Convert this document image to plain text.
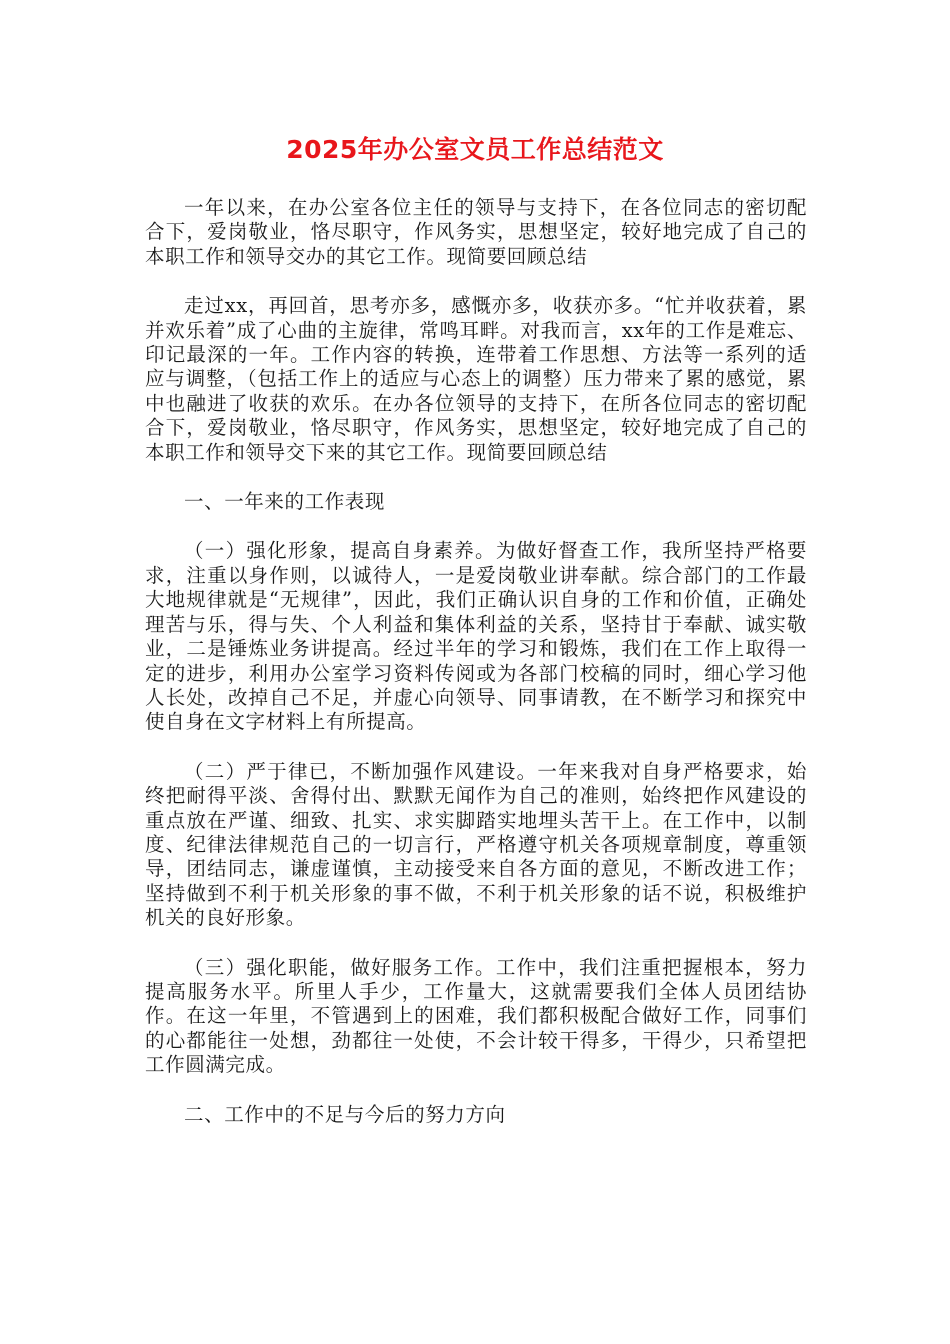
2025年办公室文员工作总结范文

一年以来，在办公室各位主任的领导与支持下，在各位同志的密切配合下，爱岗敬业，恪尽职守，作风务实，思想坚定，较好地完成了自己的本职工作和领导交办的其它工作。现简要回顾总结

走过xx，再回首，思考亦多，感慨亦多，收获亦多。“忙并收获着，累并欢乐着”成了心曲的主旋律，常鸣耳畔。对我而言，xx年的工作是难忘、印记最深的一年。工作内容的转换，连带着工作思想、方法等一系列的适应与调整，（包括工作上的适应与心态上的调整）压力带来了累的感觉，累中也融进了收获的欢乐。在办各位领导的支持下，在所各位同志的密切配合下，爱岗敬业，恪尽职守，作风务实，思想坚定，较好地完成了自己的本职工作和领导交下来的其它工作。现简要回顾总结

一、一年来的工作表现

（一）强化形象，提高自身素养。为做好督查工作，我所坚持严格要求，注重以身作则，以诚待人，一是爱岗敬业讲奉献。综合部门的工作最大地规律就是“无规律”，因此，我们正确认识自身的工作和价值，正确处理苦与乐，得与失、个人利益和集体利益的关系，坚持甘于奉献、诚实敬业，二是锤炼业务讲提高。经过半年的学习和锻炼，我们在工作上取得一定的进步，利用办公室学习资料传阅或为各部门校稿的同时，细心学习他人长处，改掉自己不足，并虚心向领导、同事请教，在不断学习和探究中使自身在文字材料上有所提高。

（二）严于律已，不断加强作风建设。一年来我对自身严格要求，始终把耐得平淡、舍得付出、默默无闻作为自己的准则，始终把作风建设的重点放在严谨、细致、扎实、求实脚踏实地埋头苦干上。在工作中，以制度、纪律法律规范自己的一切言行，严格遵守机关各项规章制度，尊重领导，团结同志，谦虚谨慎，主动接受来自各方面的意见，不断改进工作；坚持做到不利于机关形象的事不做，不利于机关形象的话不说，积极维护机关的良好形象。

（三）强化职能，做好服务工作。工作中，我们注重把握根本，努力提高服务水平。所里人手少，工作量大，这就需要我们全体人员团结协作。在这一年里，不管遇到上的困难，我们都积极配合做好工作，同事们的心都能往一处想，劲都往一处使，不会计较干得多，干得少，只希望把工作圆满完成。

二、工作中的不足与今后的努力方向
